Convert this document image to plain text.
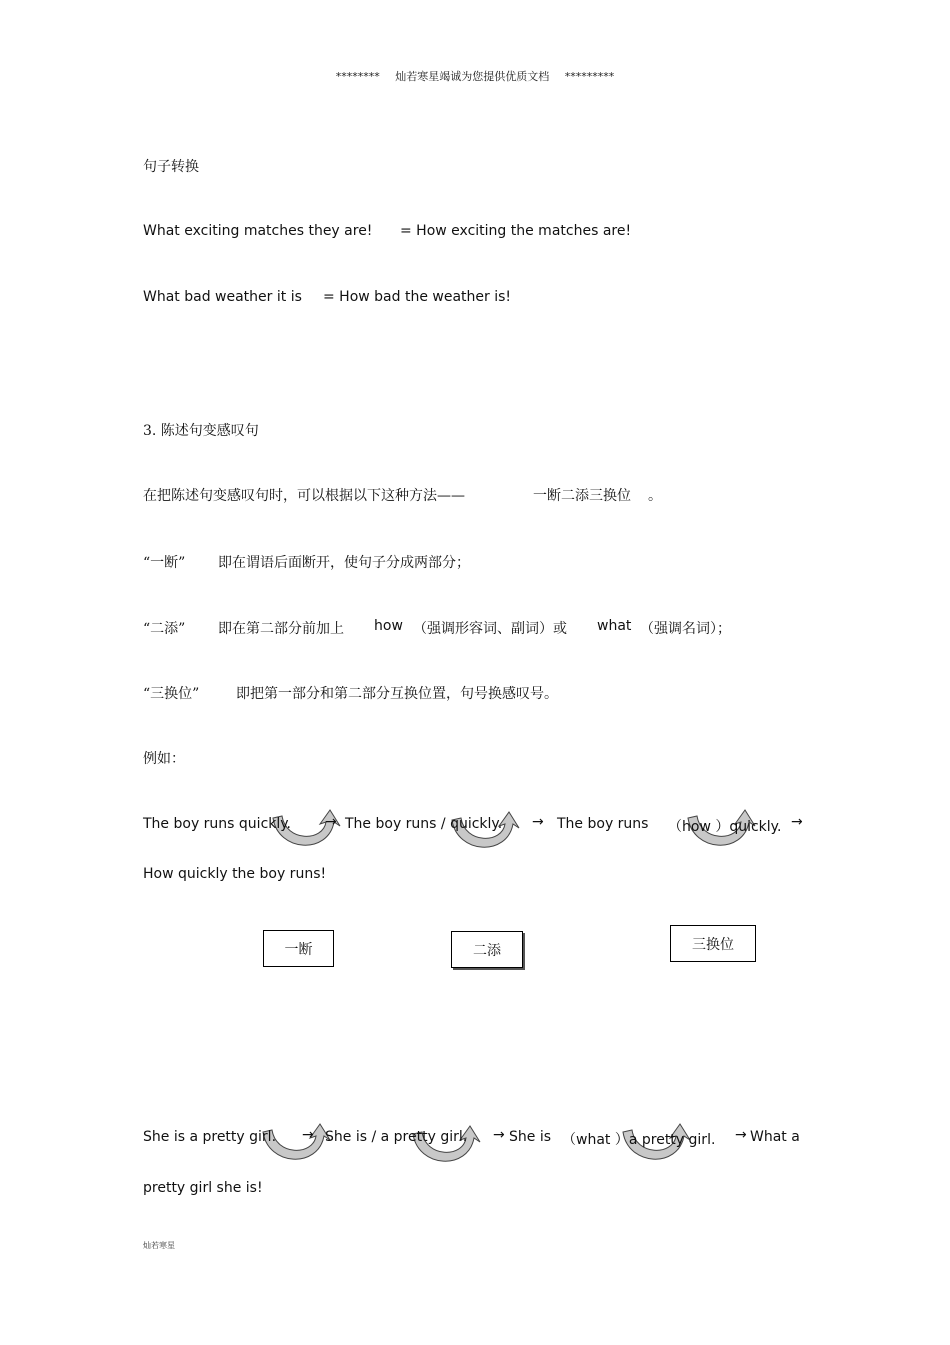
******** 灿若寒星竭诚为您提供优质文档 *********
句子转换
What exciting matches they are! = How exciting the matches are!
What bad weather it is = How bad the weather is!
3. 陈述句变感叹句
在把陈述句变感叹句时，可以根据以下这种方法——	一断二添三换位 。
“一断” 即在谓语后面断开，使句子分成两部分；
“二添” 即在第二部分前加上 how （强调形容词、副词）或 what （强调名词）；
“三换位”	即把第一部分和第二部分互换位置，句号换感叹号。
例如：
The boy runs quickly. → The boy runs / quickly. → The boy runs （how ）quickly. →
How quickly the boy runs!
一断	二添	三换位
She is a pretty girl. → She is / a pretty girl. → She is （what ）a pretty girl. → What a
pretty girl she is!
灿若寒星
